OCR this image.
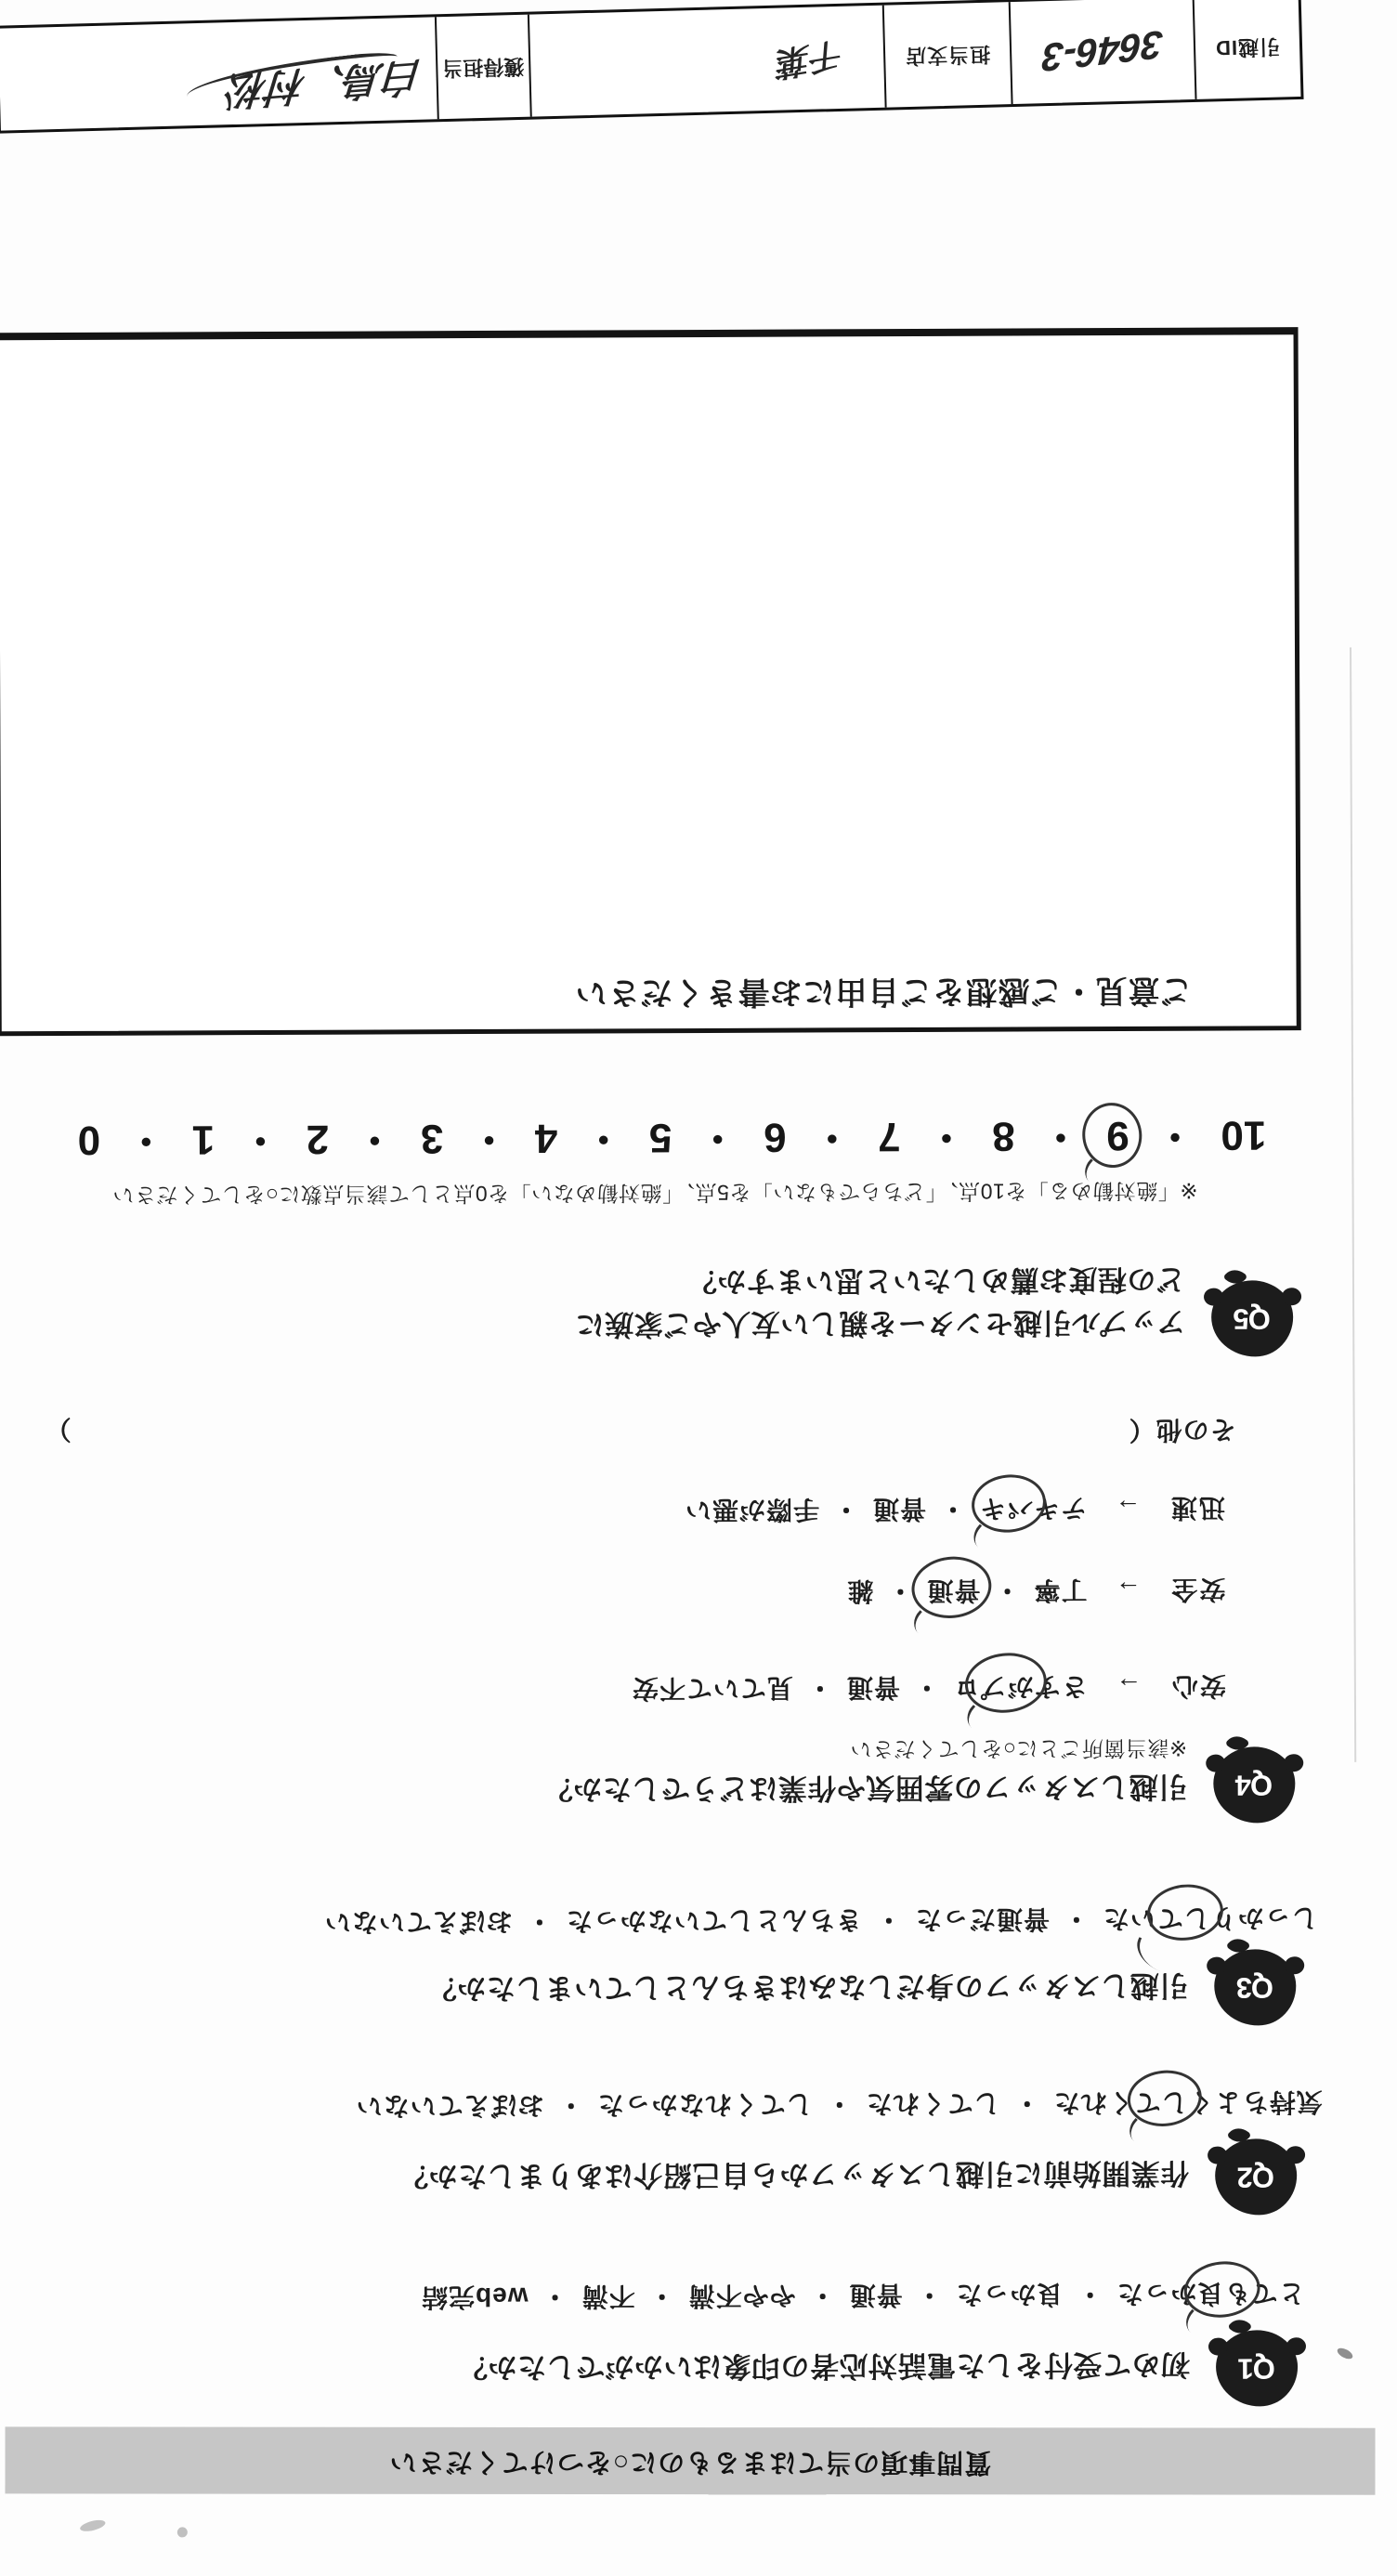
質問事項の当てはまるものに○をつけてください
Q1
初めて受付をした電話対応者の印象はいかがでしたか？
とても良かった
・良かった・普通・やや不満・不満・web完結
Q2
作業開始前に引越しスタッフから自己紹介はありましたか？
気持ちよくしてくれた
・してくれた・してくれなかった・おぼえていない
Q3
引越しスタッフの身だしなみはきちんとしていましたか？
しっかりしていた
・普通だった・きちんとしていなかった・おぼえていない
Q4
引越しスタッフの雰囲気や作業はどうでしたか？
※該当箇所ごとに○をしてください
安心 → さすがプロ
・普通・見ていて不安
安全 → 丁寧・普通
・雑
迅速 → テキパキ
・普通・手際が悪い
その他（
）
Q5
アップル引越センターを親しい友人やご家族に
どの程度お薦めしたいと思いますか？
※「絶対勧める」を10点、「どちらでもない」を5点、「絶対勧めない」を0点として該当点数に○をしてください
10
・
9
・
8
・
7
・
6
・
5
・
4
・
3
・
2
・
1
・
0
ご意見・ご感想をご自由にお書きください
引越ID
3646-3
担当支店
千葉
獲得担当
白鳥、村松
